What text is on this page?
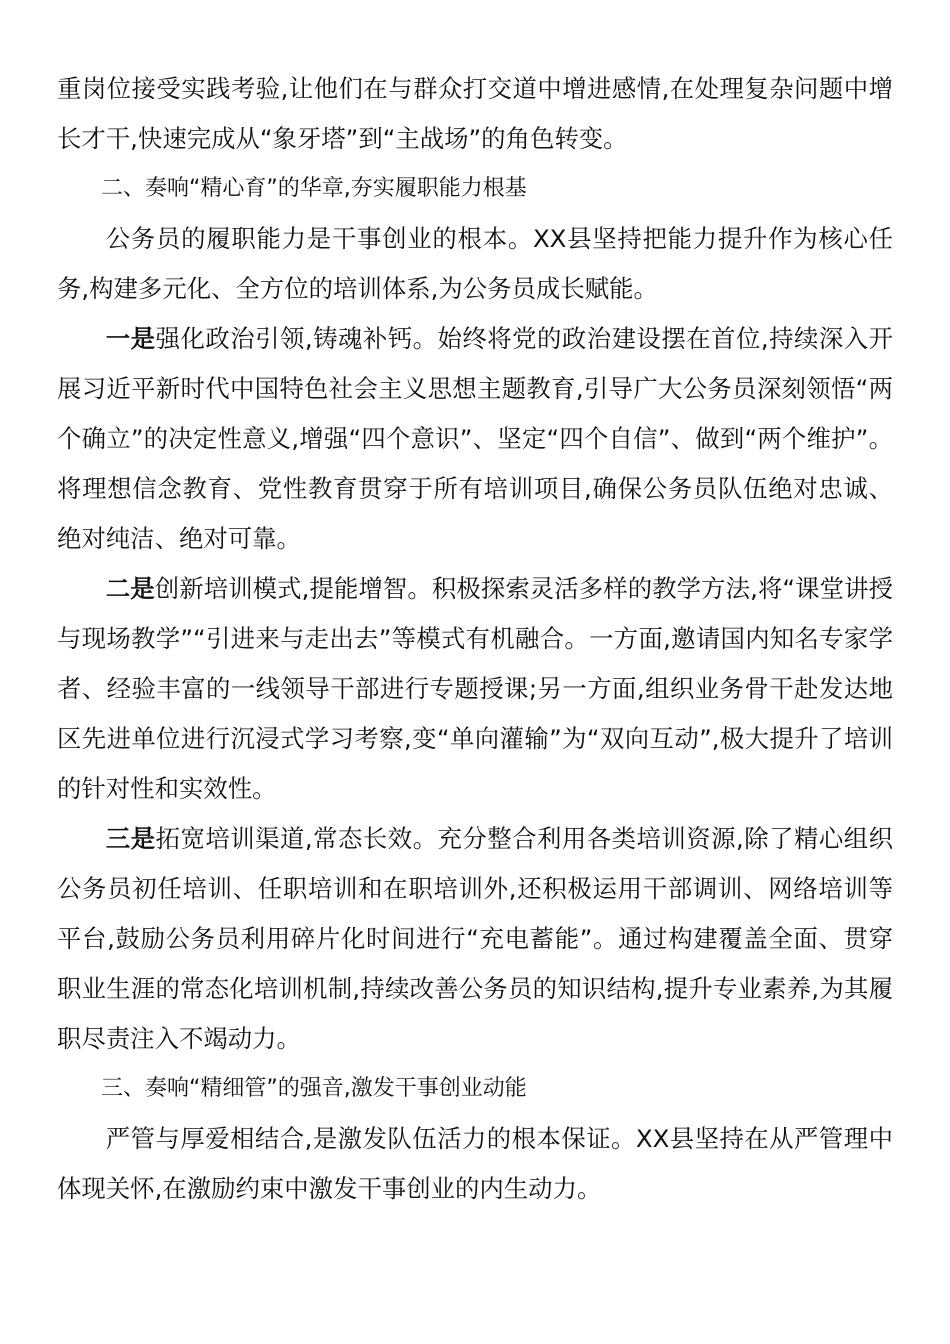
重岗位接受实践考验,让他们在与群众打交道中增进感情,在处理复杂问题中增长才干,快速完成从“象牙塔”到“主战场”的角色转变。

二、奏响“精心育”的华章,夯实履职能力根基

公务员的履职能力是干事创业的根本。XX县坚持把能力提升作为核心任务,构建多元化、全方位的培训体系,为公务员成长赋能。

一是强化政治引领,铸魂补钙。始终将党的政治建设摆在首位,持续深入开展习近平新时代中国特色社会主义思想主题教育,引导广大公务员深刻领悟“两个确立”的决定性意义,增强“四个意识”、坚定“四个自信”、做到“两个维护”。将理想信念教育、党性教育贯穿于所有培训项目,确保公务员队伍绝对忠诚、绝对纯洁、绝对可靠。

二是创新培训模式,提能增智。积极探索灵活多样的教学方法,将“课堂讲授与现场教学”“引进来与走出去”等模式有机融合。一方面,邀请国内知名专家学者、经验丰富的一线领导干部进行专题授课;另一方面,组织业务骨干赴发达地区先进单位进行沉浸式学习考察,变“单向灌输”为“双向互动”,极大提升了培训的针对性和实效性。

三是拓宽培训渠道,常态长效。充分整合利用各类培训资源,除了精心组织公务员初任培训、任职培训和在职培训外,还积极运用干部调训、网络培训等平台,鼓励公务员利用碎片化时间进行“充电蓄能”。通过构建覆盖全面、贯穿职业生涯的常态化培训机制,持续改善公务员的知识结构,提升专业素养,为其履职尽责注入不竭动力。

三、奏响“精细管”的强音,激发干事创业动能

严管与厚爱相结合,是激发队伍活力的根本保证。XX县坚持在从严管理中体现关怀,在激励约束中激发干事创业的内生动力。
